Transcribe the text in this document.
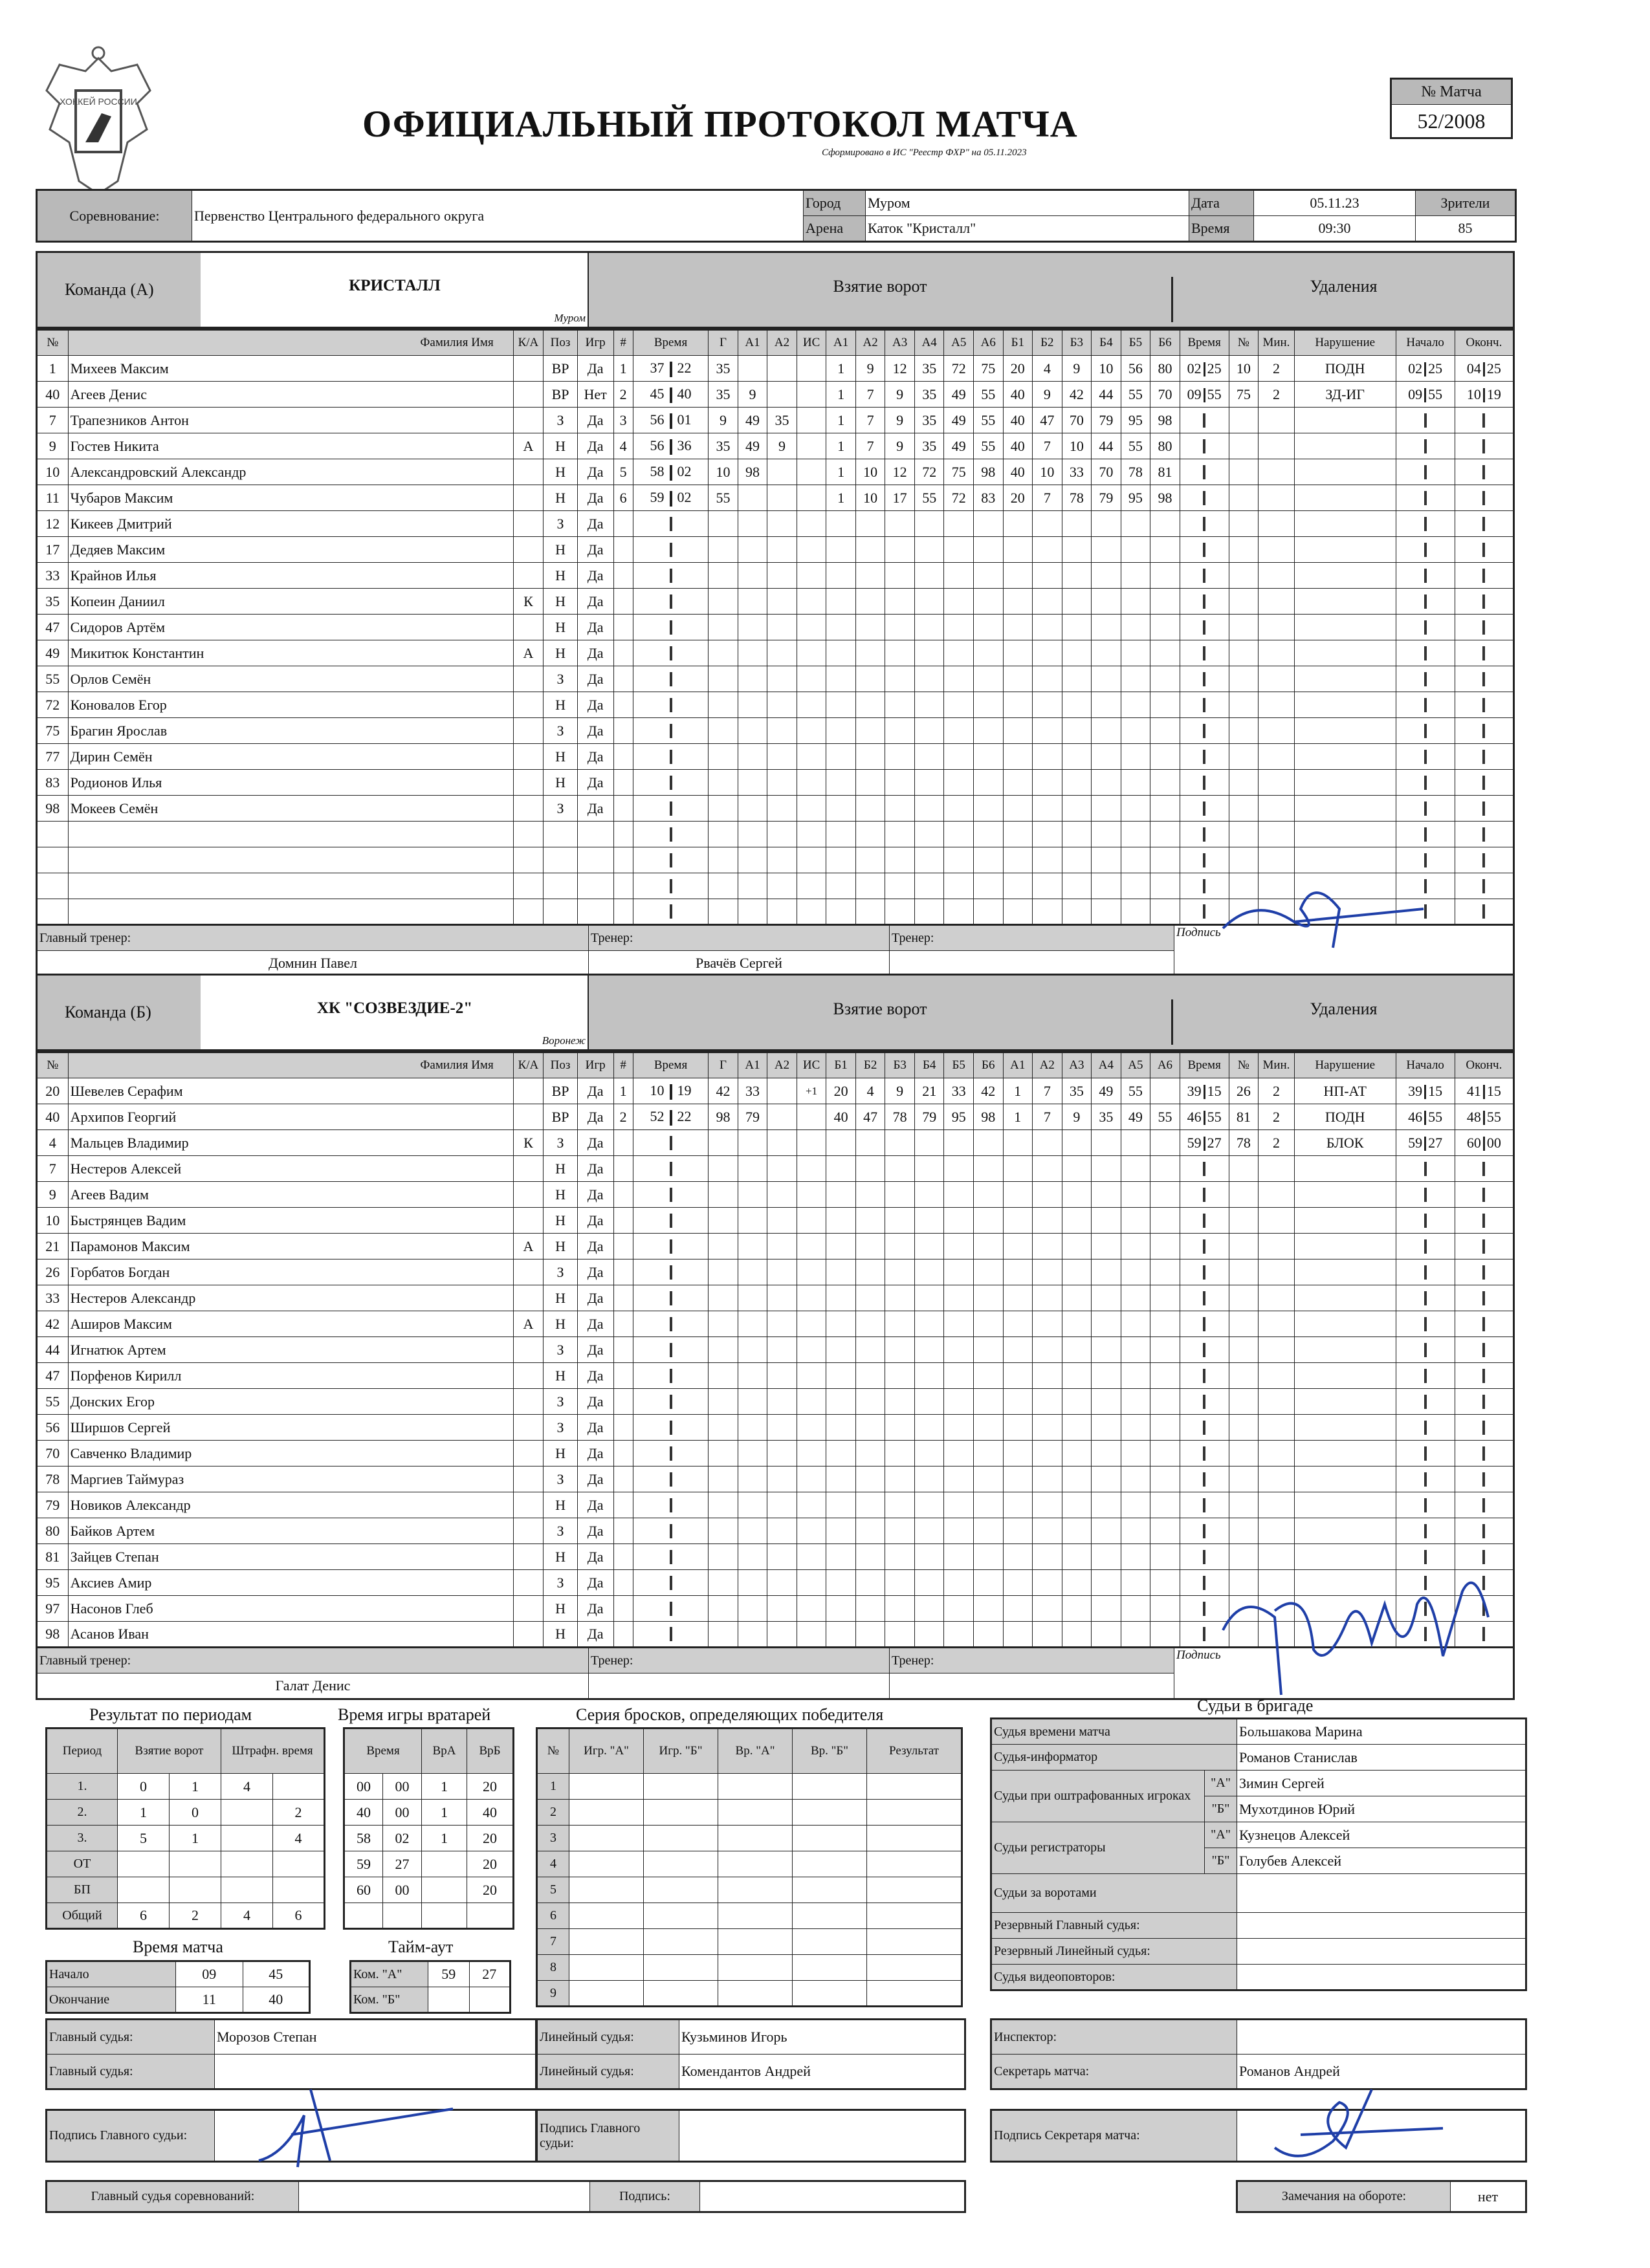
ХОККЕЙ РОССИИ
ОФИЦИАЛЬНЫЙ ПРОТОКОЛ МАТЧА
Сформировано в ИС "Реестр ФХР" на 05.11.2023
№ Матча
52/2008
Соревнование:	Первенство Центрального федерального округа	Город	Муром	Дата	05.11.23	Зрители
		Арена	Каток "Кристалл"	Время	09:30	85
Команда (А)	КРИСТАЛЛ
Муром
Взятие ворот	Удаления
№	Фамилия Имя	К/А	Поз	Игр	#	Время	Г	А1	А2	ИС	А1	А2	А3	А4	А5	А6	Б1	Б2	Б3	Б4	Б5	Б6	Время	№	Мин.	Нарушение	Начало	Оконч.
1	Михеев Максим		ВР	Да	1	37 22	35				1	9	12	35	72	75	20	4	9	10	56	80	02 25	10	2	ПОДН	02 25	04 25
40	Агеев Денис		ВР	Нет	2	45 40	35	9			1	7	9	35	49	55	40	9	42	44	55	70	09 55	75	2	ЗД-ИГ	09 55	10 19
7	Трапезников Антон		З	Да	3	56 01	9	49	35		1	7	9	35	49	55	40	47	70	79	95	98	

9	Гостев Никита	А	Н	Да	4	56 36	35	49	9		1	7	9	35	49	55	40	7	10	44	55	80	

10	Александровский Александр		Н	Да	5	58 02	10	98			1	10	12	72	75	98	40	10	33	70	78	81	

11	Чубаров Максим		Н	Да	6	59 02	55				1	10	17	55	72	83	20	7	78	79	95	98	

12	Кикеев Дмитрий		З	Да		

17	Дедяев Максим		Н	Да		

33	Крайнов Илья		Н	Да		

35	Копеин Даниил	К	Н	Да		

47	Сидоров Артём		Н	Да		

49	Микитюк Константин	А	Н	Да		

55	Орлов Семён		З	Да		

72	Коновалов Егор		Н	Да		

75	Брагин Ярослав		З	Да		

77	Дирин Семён		Н	Да		

83	Родионов Илья		Н	Да		

98	Мокеев Семён		З	Да		

Главный тренер:	Тренер:	Тренер:	Подпись
Домнин Павел	Рвачёв Сергей		
Команда (Б)	ХК "СОЗВЕЗДИЕ-2"
Воронеж
Взятие ворот	Удаления
№	Фамилия Имя	К/А	Поз	Игр	#	Время	Г	А1	А2	ИС	Б1	Б2	Б3	Б4	Б5	Б6	А1	А2	А3	А4	А5	А6	Время	№	Мин.	Нарушение	Начало	Оконч.
20	Шевелев Серафим		ВР	Да	1	10 19	42	33		+1	20	4	9	21	33	42	1	7	35	49	55		39 15	26	2	НП-АТ	39 15	41 15
40	Архипов Георгий		ВР	Да	2	52 22	98	79			40	47	78	79	95	98	1	7	9	35	49	55	46 55	81	2	ПОДН	46 55	48 55
4	Мальцев Владимир	К	З	Да																			59 27	78	2	БЛОК	59 27	60 00
7	Нестеров Алексей		Н	Да		

9	Агеев Вадим		Н	Да		

10	Быстрянцев Вадим		Н	Да		

21	Парамонов Максим	А	Н	Да		

26	Горбатов Богдан		З	Да		

33	Нестеров Александр		Н	Да		

42	Аширов Максим	А	Н	Да		

44	Игнатюк Артем		З	Да		

47	Порфенов Кирилл		Н	Да		

55	Донских Егор		З	Да		

56	Ширшов Сергей		З	Да		

70	Савченко Владимир		Н	Да		

78	Маргиев Таймураз		З	Да		

79	Новиков Александр		Н	Да		

80	Байков Артем		З	Да		

81	Зайцев Степан		Н	Да		

95	Аксиев Амир		З	Да		

97	Насонов Глеб		Н	Да		

98	Асанов Иван		Н	Да		

Главный тренер:	Тренер:	Тренер:	Подпись
Галат Денис			
Результат по периодам
Период	Взятие ворот		Штрафн. время	
1.	0	1	4	
2.	1	0		2
3.	5	1		4
ОТ				
БП				
Общий	6	2	4	6
Время игры вратарей
Время		ВрА	ВрБ
00	00	1	20
40	00	1	40
58	02	1	20
59	27		20
60	00		20

Серия бросков, определяющих победителя
№	Игр. "А"	Игр. "Б"	Вр. "А"	Вр. "Б"	Результат
1					
2					
3					
4					
5					
6					
7					
8					
9					
Время матча
Начало	09	45
Окончание	11	40
Тайм-аут
Ком. "А"	59	27
Ком. "Б"		
Судьи в бригаде
Судья времени матча		Большакова Марина
Судья-информатор		Романов Станислав
Судьи при оштрафованных игроках	"А"	Зимин Сергей
	"Б"	Мухотдинов Юрий
Судьи регистраторы	"А"	Кузнецов Алексей
	"Б"	Голубев Алексей
Судьи за воротами		
Резервный Главный судья:		
Резервный Линейный судья:		
Судья видеоповторов:		
Главный судья:	Морозов Степан
Главный судья:	
Линейный судья:	Кузьминов Игорь
Линейный судья:	Комендантов Андрей
Инспектор:	
Секретарь матча:	Романов Андрей
Подпись Главного судьи:	
Подпись Главного судьи:	
Подпись Секретаря матча:	
Главный судья соревнований:		Подпись:		Замечания на обороте:	нет
